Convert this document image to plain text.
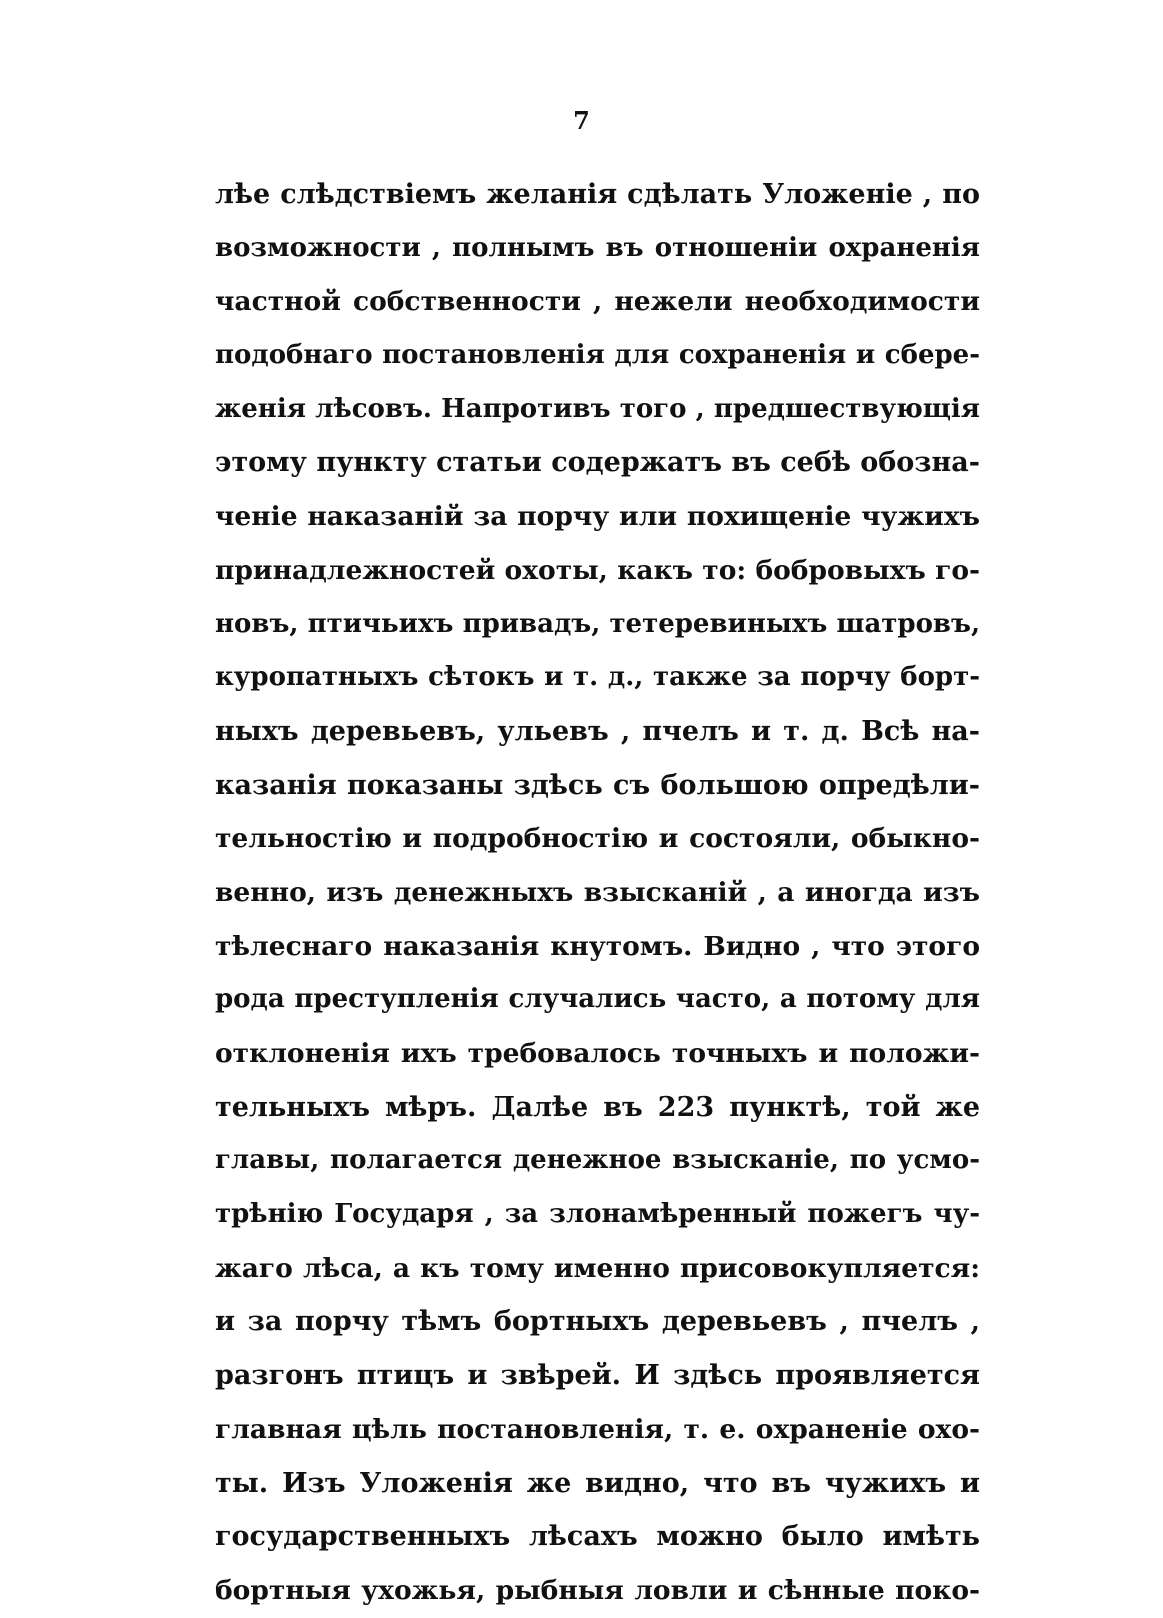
7
лѣе слѣдствіемъ желанія сдѣлать Уложеніе , по
возможности , полнымъ въ отношеніи охраненія
частной собственности , нежели необходимости
подобнаго постановленія для сохраненія и сбере-
женія лѣсовъ. Напротивъ того , предшествующія
этому пункту статьи содержатъ въ себѣ обозна-
ченіе наказаній за порчу или похищеніе чужихъ
принадлежностей охоты, какъ то: бобровыхъ го-
новъ, птичьихъ привадъ, тетеревиныхъ шатровъ,
куропатныхъ сѣтокъ и т. д., также за порчу борт-
ныхъ деревьевъ, ульевъ , пчелъ и т. д. Всѣ на-
казанія показаны здѣсь съ большою опредѣли-
тельностію и подробностію и состояли, обыкно-
венно, изъ денежныхъ взысканій , а иногда изъ
тѣлеснаго наказанія кнутомъ. Видно , что этого
рода преступленія случались часто, а потому для
отклоненія ихъ требовалось точныхъ и положи-
тельныхъ мѣръ. Далѣе въ 223 пунктѣ, той же
главы, полагается денежное взысканіе, по усмо-
трѣнію Государя , за злонамѣренный пожегъ чу-
жаго лѣса, а къ тому именно присовокупляется:
и за порчу тѣмъ бортныхъ деревьевъ , пчелъ ,
разгонъ птицъ и звѣрей. И здѣсь проявляется
главная цѣль постановленія, т. е. охраненіе охо-
ты. Изъ Уложенія же видно, что въ чужихъ и
государственныхъ лѣсахъ можно было имѣть
бортныя ухожья, рыбныя ловли и сѣнные поко-
